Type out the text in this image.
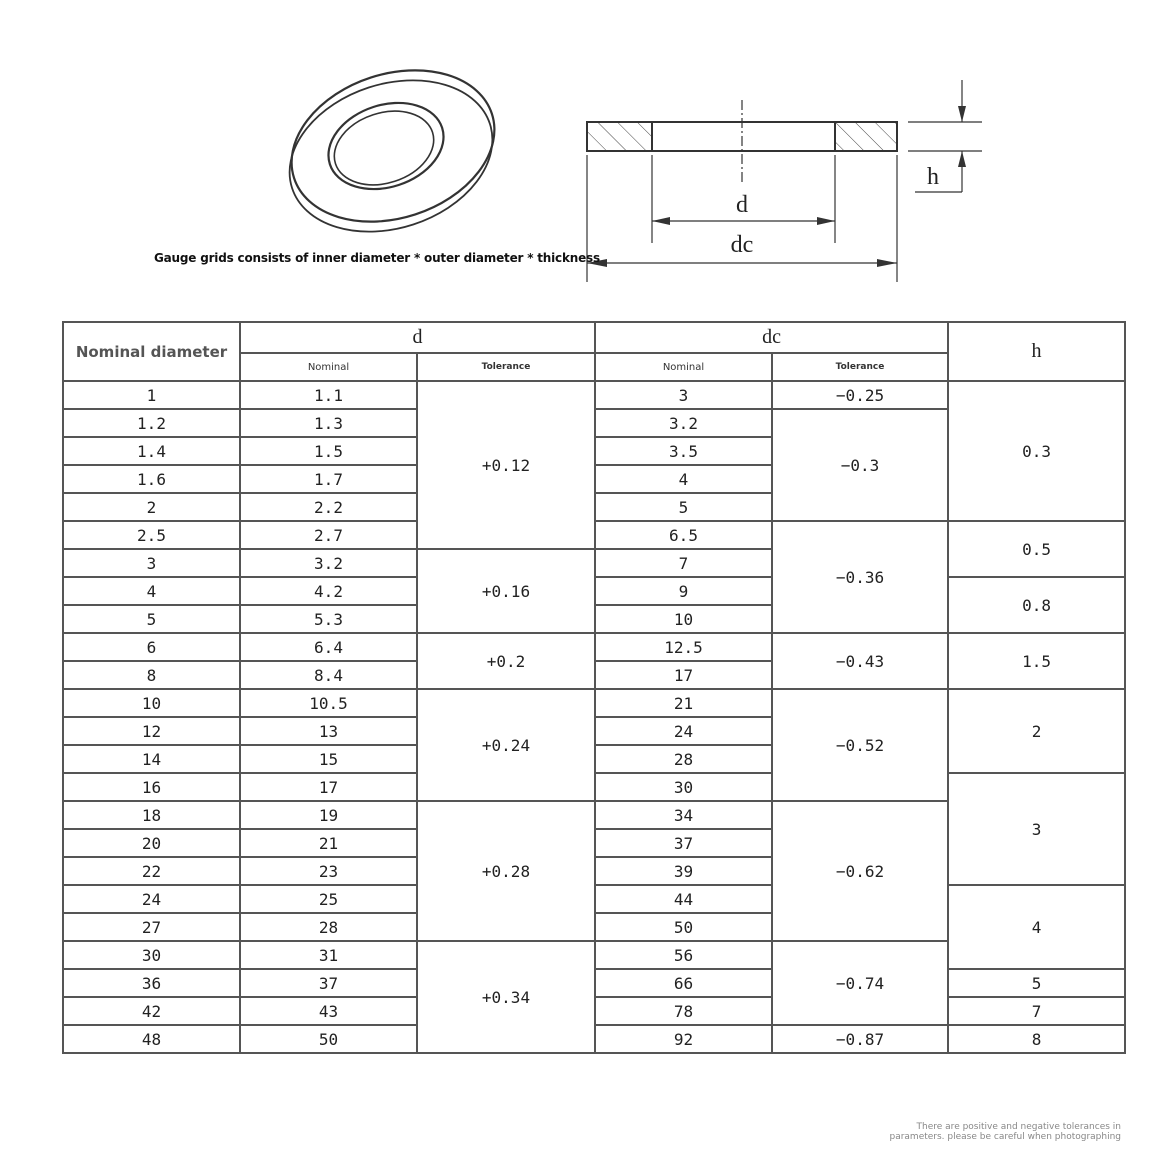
d
dc
h
Gauge grids consists of inner diameter * outer diameter * thickness
Nominal diameter	d		dc		h
	Nominal	Tolerance	Nominal	Tolerance	
1	1.1	+0.12	3	−0.25	0.3
1.2	1.3		3.2	−0.3	
1.4	1.5		3.5		
1.6	1.7		4		
2	2.2		5		
2.5	2.7		6.5	−0.36	0.5
3	3.2	+0.16	7		
4	4.2		9		0.8
5	5.3		10		
6	6.4	+0.2	12.5	−0.43	1.5
8	8.4		17		
10	10.5	+0.24	21	−0.52	2
12	13		24		
14	15		28		
16	17		30		3
18	19	+0.28	34	−0.62	
20	21		37		
22	23		39		
24	25		44		4
27	28		50		
30	31	+0.34	56	−0.74	
36	37		66		5
42	43		78		7
48	50		92	−0.87	8
There are positive and negative tolerances in
parameters. please be careful when photographing
